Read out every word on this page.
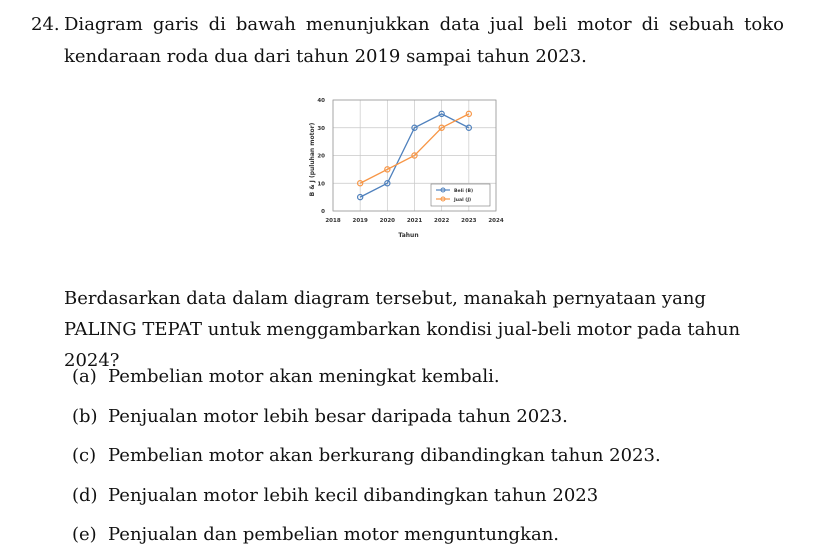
24. Diagram garis di bawah menunjukkan data jual beli motor di sebuah toko kendaraan roda dua dari tahun 2019 sampai tahun 2023.
2018 2019 2020 2021 2022 2023 2024
0
10
20
30
40
Tahun
B & J (puluhan motor)	Beli (B)
Jual (J)
Berdasarkan data dalam diagram tersebut, manakah pernyataan yang PALING TEPAT untuk menggambarkan kondisi jual-beli motor pada tahun 2024?
(a) Pembelian motor akan meningkat kembali.
(b) Penjualan motor lebih besar daripada tahun 2023.
(c) Pembelian motor akan berkurang dibandingkan tahun 2023.
(d) Penjualan motor lebih kecil dibandingkan tahun 2023
(e) Penjualan dan pembelian motor menguntungkan.
